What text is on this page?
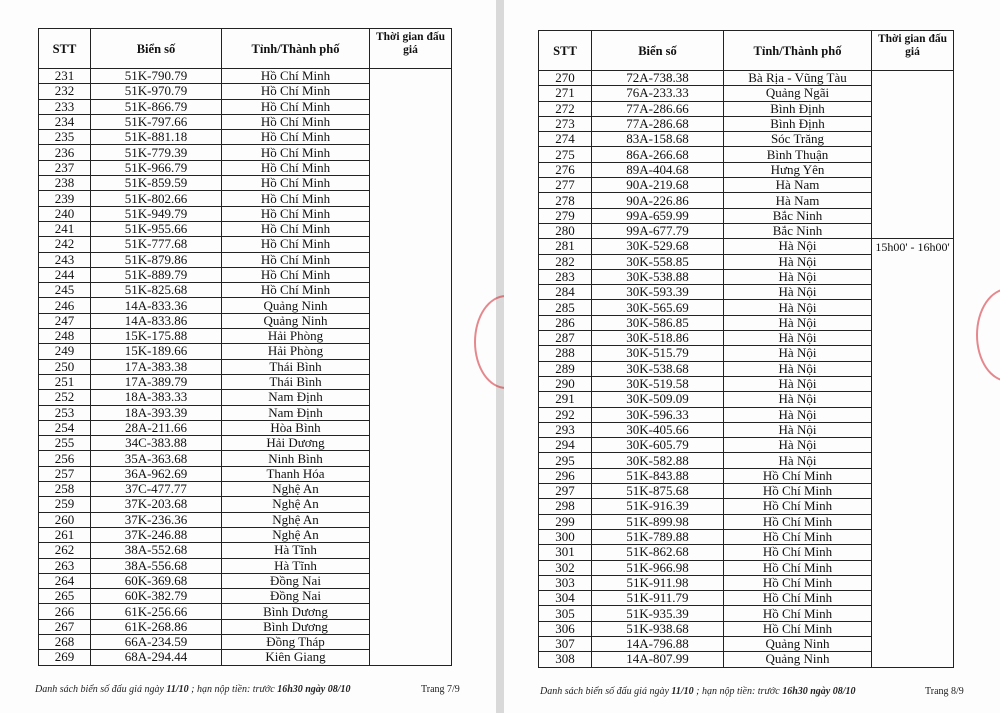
STT	Biển số	Tỉnh/Thành phố	Thời gian đấu giá
231	51K-790.79	Hồ Chí Minh	
232	51K-970.79	Hồ Chí Minh	
233	51K-866.79	Hồ Chí Minh	
234	51K-797.66	Hồ Chí Minh	
235	51K-881.18	Hồ Chí Minh	
236	51K-779.39	Hồ Chí Minh	
237	51K-966.79	Hồ Chí Minh	
238	51K-859.59	Hồ Chí Minh	
239	51K-802.66	Hồ Chí Minh	
240	51K-949.79	Hồ Chí Minh	
241	51K-955.66	Hồ Chí Minh	
242	51K-777.68	Hồ Chí Minh	
243	51K-879.86	Hồ Chí Minh	
244	51K-889.79	Hồ Chí Minh	
245	51K-825.68	Hồ Chí Minh	
246	14A-833.36	Quảng Ninh	
247	14A-833.86	Quảng Ninh	
248	15K-175.88	Hải Phòng	
249	15K-189.66	Hải Phòng	
250	17A-383.38	Thái Bình	
251	17A-389.79	Thái Bình	
252	18A-383.33	Nam Định	
253	18A-393.39	Nam Định	
254	28A-211.66	Hòa Bình	
255	34C-383.88	Hải Dương	
256	35A-363.68	Ninh Bình	
257	36A-962.69	Thanh Hóa	
258	37C-477.77	Nghệ An	
259	37K-203.68	Nghệ An	
260	37K-236.36	Nghệ An	
261	37K-246.88	Nghệ An	
262	38A-552.68	Hà Tĩnh	
263	38A-556.68	Hà Tĩnh	
264	60K-369.68	Đồng Nai	
265	60K-382.79	Đồng Nai	
266	61K-256.66	Bình Dương	
267	61K-268.86	Bình Dương	
268	66A-234.59	Đồng Tháp	
269	68A-294.44	Kiên Giang	
Danh sách biển số đấu giá ngày 11/10 ; hạn nộp tiền: trước 16h30 ngày 08/10	Trang 7/9
STT	Biển số	Tỉnh/Thành phố	Thời gian đấu giá
270	72A-738.38	Bà Rịa - Vũng Tàu	
271	76A-233.33	Quảng Ngãi	
272	77A-286.66	Bình Định	
273	77A-286.68	Bình Định	
274	83A-158.68	Sóc Trăng	
275	86A-266.68	Bình Thuận	
276	89A-404.68	Hưng Yên	
277	90A-219.68	Hà Nam	
278	90A-226.86	Hà Nam	
279	99A-659.99	Bắc Ninh	
280	99A-677.79	Bắc Ninh	
281	30K-529.68	Hà Nội	15h00' - 16h00'
282	30K-558.85	Hà Nội	
283	30K-538.88	Hà Nội	
284	30K-593.39	Hà Nội	
285	30K-565.69	Hà Nội	
286	30K-586.85	Hà Nội	
287	30K-518.86	Hà Nội	
288	30K-515.79	Hà Nội	
289	30K-538.68	Hà Nội	
290	30K-519.58	Hà Nội	
291	30K-509.09	Hà Nội	
292	30K-596.33	Hà Nội	
293	30K-405.66	Hà Nội	
294	30K-605.79	Hà Nội	
295	30K-582.88	Hà Nội	
296	51K-843.88	Hồ Chí Minh	
297	51K-875.68	Hồ Chí Minh	
298	51K-916.39	Hồ Chí Minh	
299	51K-899.98	Hồ Chí Minh	
300	51K-789.88	Hồ Chí Minh	
301	51K-862.68	Hồ Chí Minh	
302	51K-966.98	Hồ Chí Minh	
303	51K-911.98	Hồ Chí Minh	
304	51K-911.79	Hồ Chí Minh	
305	51K-935.39	Hồ Chí Minh	
306	51K-938.68	Hồ Chí Minh	
307	14A-796.88	Quảng Ninh	
308	14A-807.99	Quảng Ninh	
Danh sách biển số đấu giá ngày 11/10 ; hạn nộp tiền: trước 16h30 ngày 08/10	Trang 8/9
